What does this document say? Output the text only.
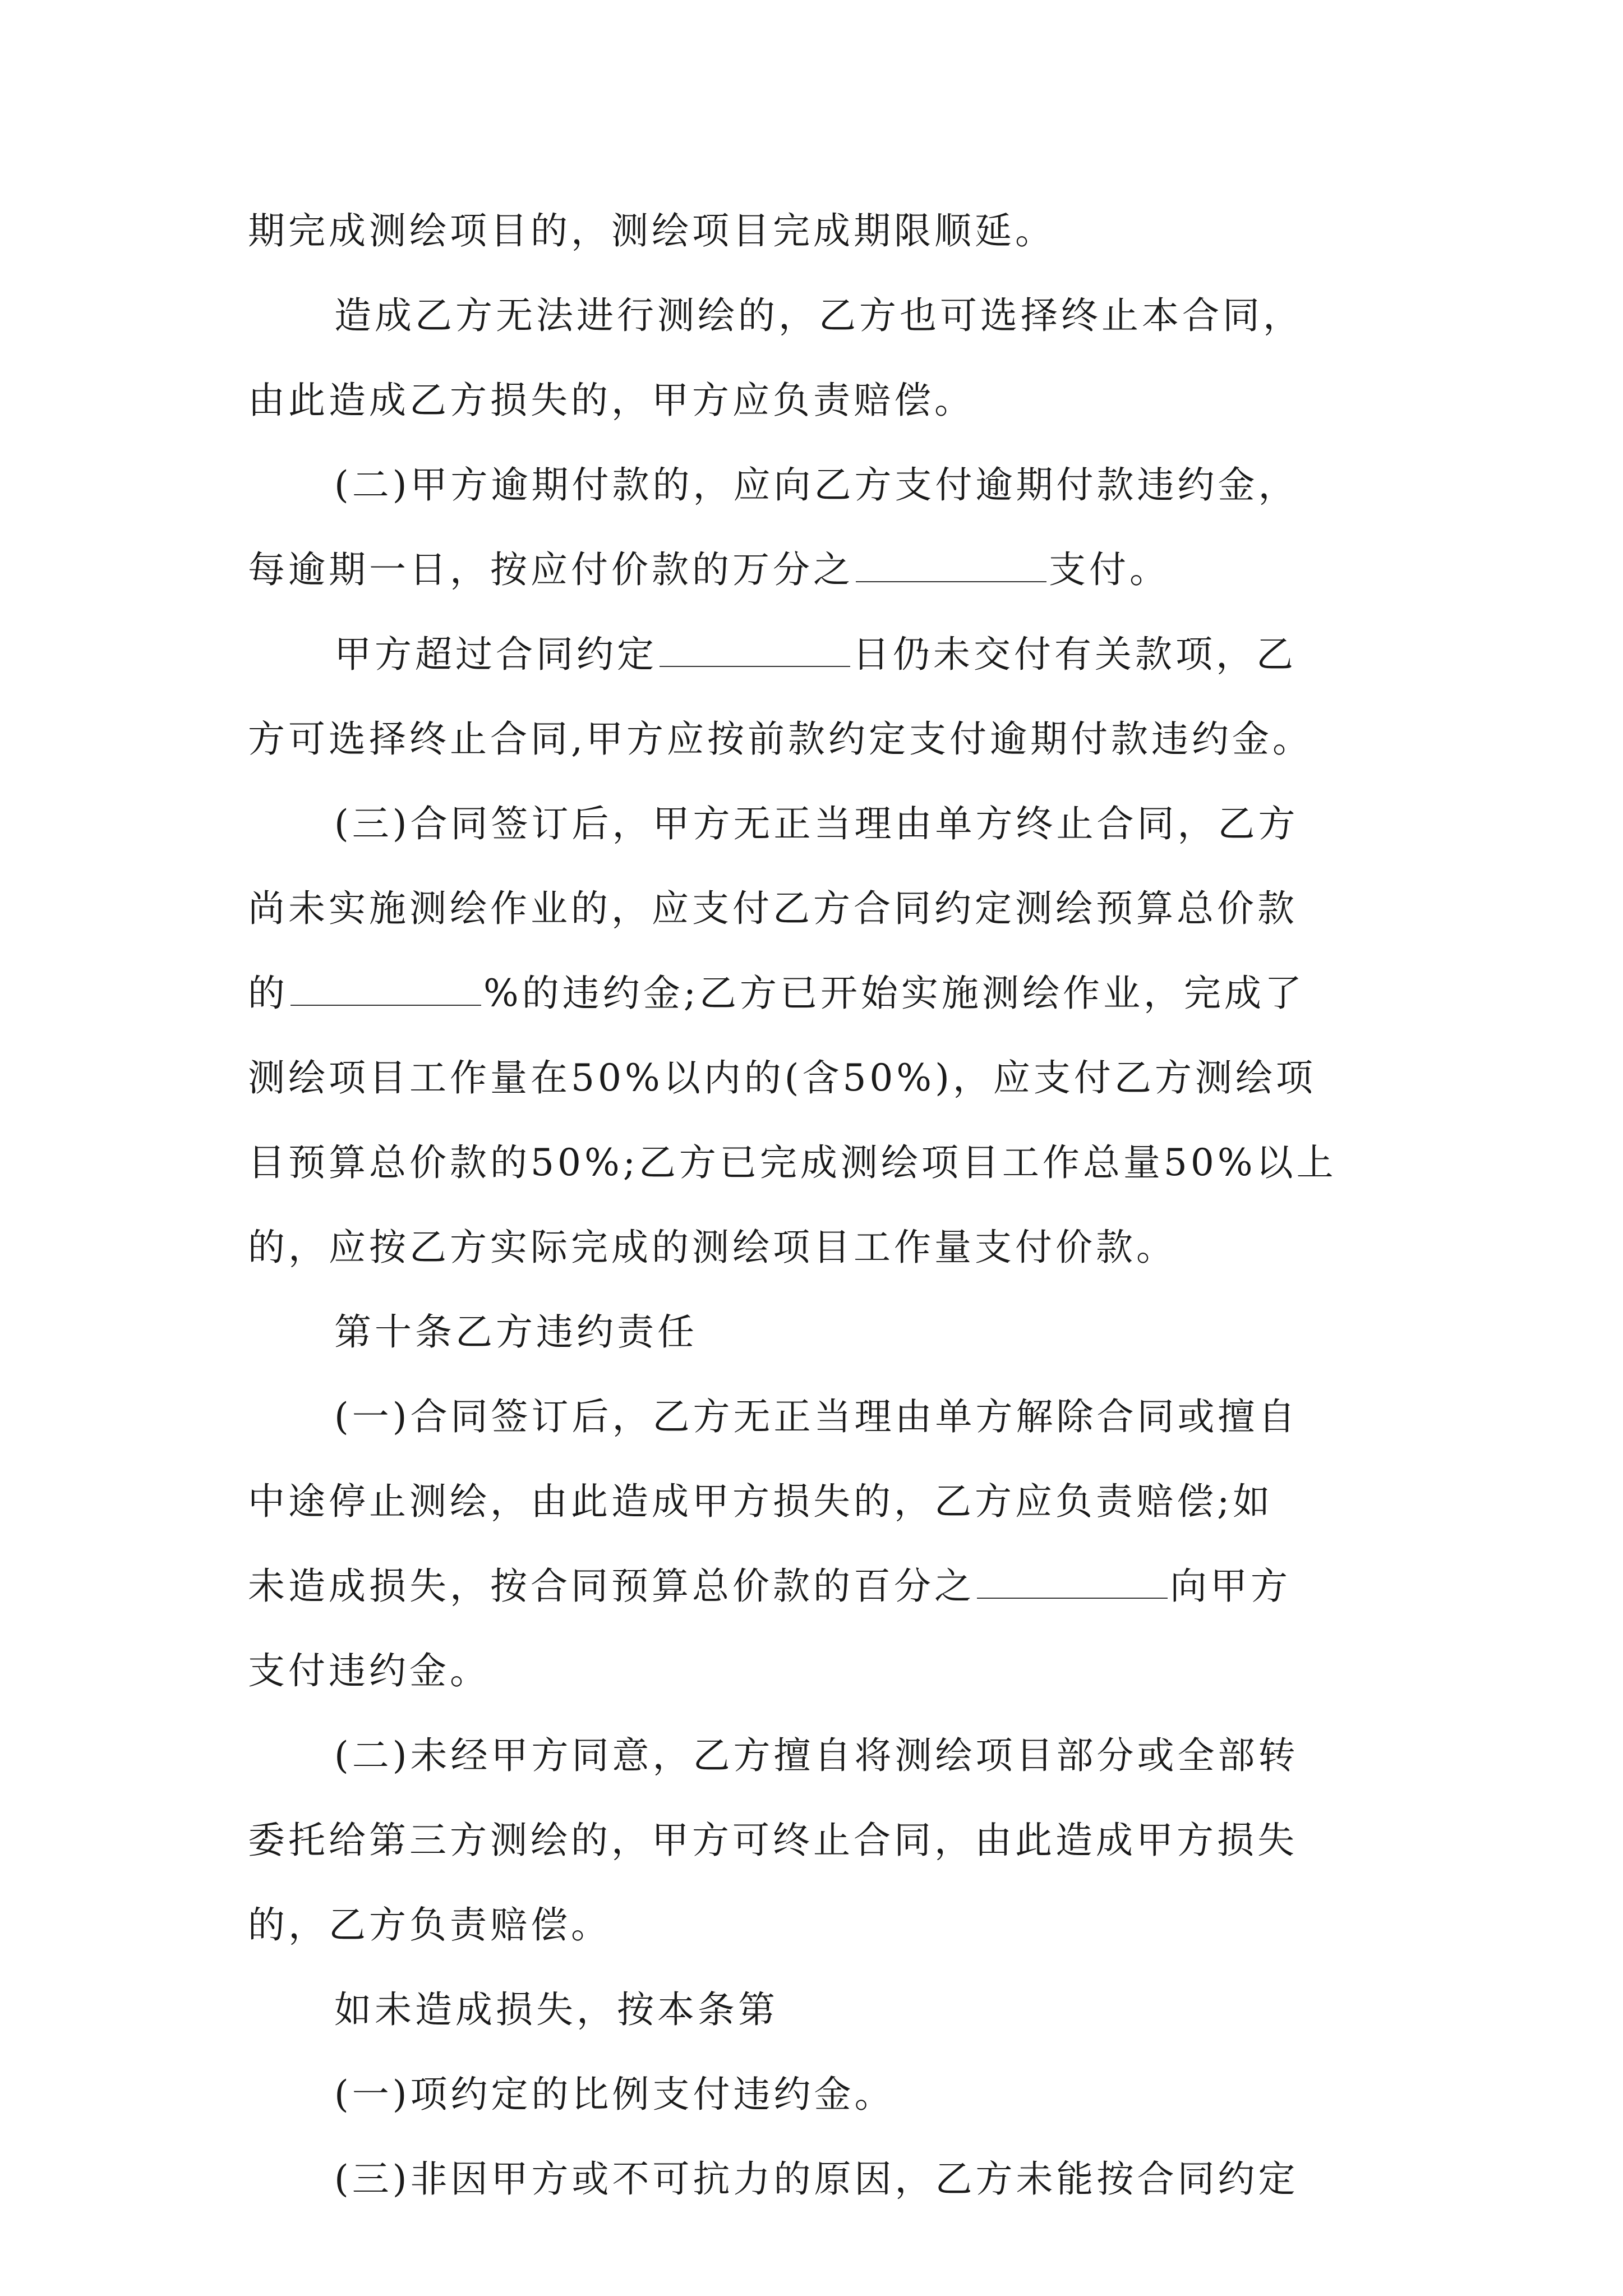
期完成测绘项目的，测绘项目完成期限顺延。
造成乙方无法进行测绘的，乙方也可选择终止本合同，
由此造成乙方损失的，甲方应负责赔偿。
(二)甲方逾期付款的，应向乙方支付逾期付款违约金，
每逾期一日，按应付价款的万分之	支付。
甲方超过合同约定	日仍未交付有关款项，乙
方可选择终止合同,甲方应按前款约定支付逾期付款违约金。
(三)合同签订后，甲方无正当理由单方终止合同，乙方
尚未实施测绘作业的，应支付乙方合同约定测绘预算总价款
的	%的违约金;乙方已开始实施测绘作业，完成了
测绘项目工作量在50%以内的(含50%)，应支付乙方测绘项
目预算总价款的50%;乙方已完成测绘项目工作总量50%以上
的，应按乙方实际完成的测绘项目工作量支付价款。
第十条乙方违约责任
(一)合同签订后，乙方无正当理由单方解除合同或擅自
中途停止测绘，由此造成甲方损失的，乙方应负责赔偿;如
未造成损失，按合同预算总价款的百分之	向甲方
支付违约金。
(二)未经甲方同意，乙方擅自将测绘项目部分或全部转
委托给第三方测绘的，甲方可终止合同，由此造成甲方损失
的，乙方负责赔偿。
如未造成损失，按本条第
(一)项约定的比例支付违约金。
(三)非因甲方或不可抗力的原因，乙方未能按合同约定
